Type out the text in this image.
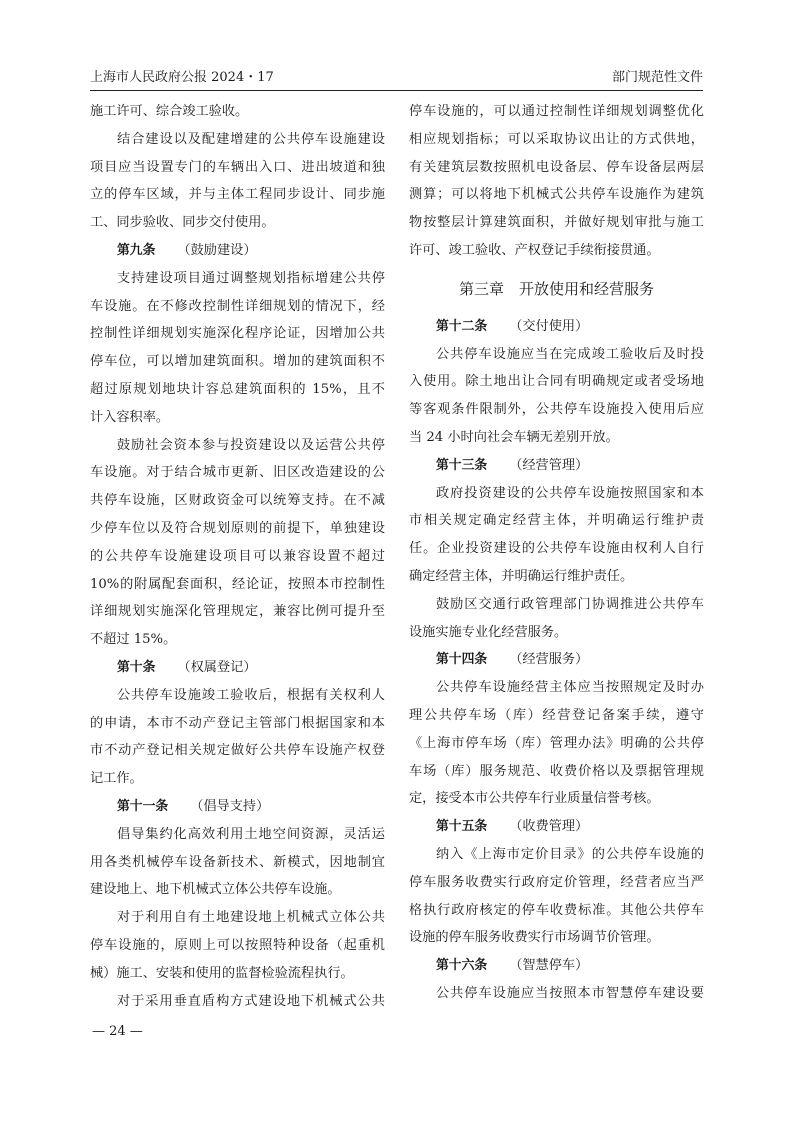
上海市人民政府公报 2024・17	部门规范性文件
施工许可、综合竣工验收。
结合建设以及配建增建的公共停车设施建设
项目应当设置专门的车辆出入口、进出坡道和独
立的停车区域，并与主体工程同步设计、同步施
工、同步验收、同步交付使用。
第九条 （鼓励建设）
支持建设项目通过调整规划指标增建公共停
车设施。在不修改控制性详细规划的情况下，经
控制性详细规划实施深化程序论证，因增加公共
停车位，可以增加建筑面积。增加的建筑面积不
超过原规划地块计容总建筑面积的 15%，且不
计入容积率。
鼓励社会资本参与投资建设以及运营公共停
车设施。对于结合城市更新、旧区改造建设的公
共停车设施，区财政资金可以统筹支持。在不减
少停车位以及符合规划原则的前提下，单独建设
的公共停车设施建设项目可以兼容设置不超过
10%的附属配套面积，经论证，按照本市控制性
详细规划实施深化管理规定，兼容比例可提升至
不超过 15%。
第十条 （权属登记）
公共停车设施竣工验收后，根据有关权利人
的申请，本市不动产登记主管部门根据国家和本
市不动产登记相关规定做好公共停车设施产权登
记工作。
第十一条 （倡导支持）
倡导集约化高效利用土地空间资源，灵活运
用各类机械停车设备新技术、新模式，因地制宜
建设地上、地下机械式立体公共停车设施。
对于利用自有土地建设地上机械式立体公共
停车设施的，原则上可以按照特种设备（起重机
械）施工、安装和使用的监督检验流程执行。
对于采用垂直盾构方式建设地下机械式公共
停车设施的，可以通过控制性详细规划调整优化
相应规划指标；可以采取协议出让的方式供地，
有关建筑层数按照机电设备层、停车设备层两层
测算；可以将地下机械式公共停车设施作为建筑
物按整层计算建筑面积，并做好规划审批与施工
许可、竣工验收、产权登记手续衔接贯通。
第三章　开放使用和经营服务
第十二条 （交付使用）
公共停车设施应当在完成竣工验收后及时投
入使用。除土地出让合同有明确规定或者受场地
等客观条件限制外，公共停车设施投入使用后应
当 24 小时向社会车辆无差别开放。
第十三条 （经营管理）
政府投资建设的公共停车设施按照国家和本
市相关规定确定经营主体，并明确运行维护责
任。企业投资建设的公共停车设施由权利人自行
确定经营主体，并明确运行维护责任。
鼓励区交通行政管理部门协调推进公共停车
设施实施专业化经营服务。
第十四条 （经营服务）
公共停车设施经营主体应当按照规定及时办
理公共停车场（库）经营登记备案手续，遵守
《上海市停车场（库）管理办法》明确的公共停
车场（库）服务规范、收费价格以及票据管理规
定，接受本市公共停车行业质量信誉考核。
第十五条 （收费管理）
纳入《上海市定价目录》的公共停车设施的
停车服务收费实行政府定价管理，经营者应当严
格执行政府核定的停车收费标准。其他公共停车
设施的停车服务收费实行市场调节价管理。
第十六条 （智慧停车）
公共停车设施应当按照本市智慧停车建设要
— 24 —
